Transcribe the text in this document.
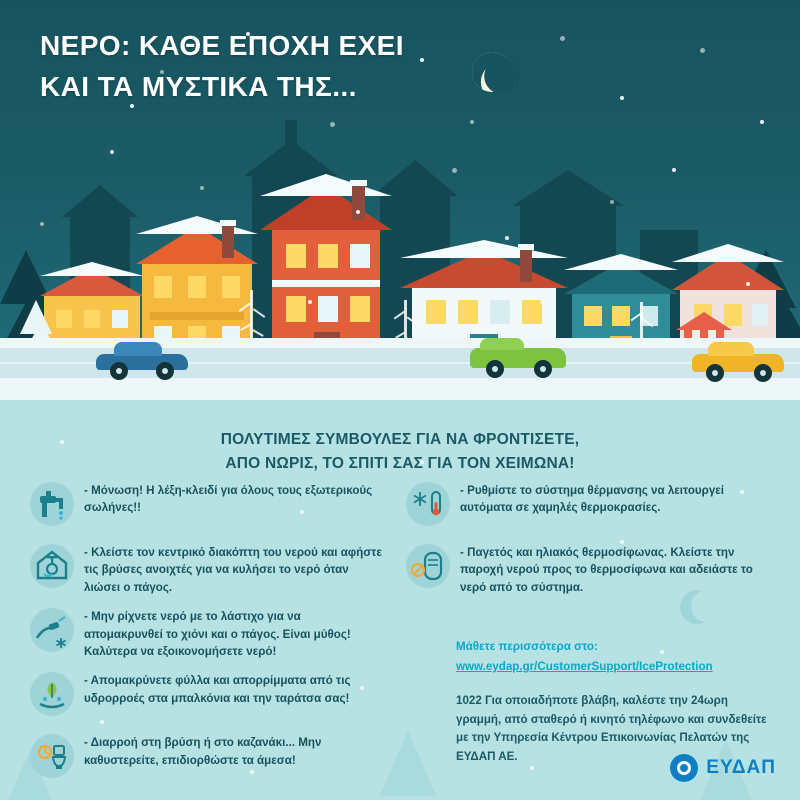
ΝΕΡΟ: ΚΑΘΕ ΕΠΟΧΗ ΕΧΕΙ
ΚΑΙ ΤΑ ΜΥΣΤΙΚΑ ΤΗΣ...
ΠΟΛΥΤΙΜΕΣ ΣΥΜΒΟΥΛΕΣ ΓΙΑ ΝΑ ΦΡΟΝΤΙΣΕΤΕ,
ΑΠΟ ΝΩΡΙΣ, ΤΟ ΣΠΙΤΙ ΣΑΣ ΓΙΑ ΤΟΝ ΧΕΙΜΩΝΑ!
- Μόνωση! Η λέξη-κλειδί για όλους τους εξωτερικούς σωλήνες!!
- Κλείστε τον κεντρικό διακόπτη του νερού και αφήστε τις βρύσες ανοιχτές για να κυλήσει το νερό όταν λιώσει ο πάγος.
- Μην ρίχνετε νερό με το λάστιχο για να απομακρυνθεί το χιόνι και ο πάγος. Είναι μύθος! Καλύτερα να εξοικονομήσετε νερό!
- Απομακρύνετε φύλλα και απορρίμματα από τις υδρορροές στα μπαλκόνια και την ταράτσα σας!
- Διαρροή στη βρύση ή στο καζανάκι... Μην καθυστερείτε, επιδιορθώστε τα άμεσα!
- Ρυθμίστε το σύστημα θέρμανσης να λειτουργεί αυτόματα σε χαμηλές θερμοκρασίες.
- Παγετός και ηλιακός θερμοσίφωνας. Κλείστε την παροχή νερού προς το θερμοσίφωνα και αδειάστε το νερό από το σύστημα.
Μάθετε περισσότερα στο:
www.eydap.gr/CustomerSupport/IceProtection
1022 Για οποιαδήποτε βλάβη, καλέστε την 24ωρη γραμμή, από σταθερό ή κινητό τηλέφωνο και συνδεθείτε με την Υπηρεσία Κέντρου Επικοινωνίας Πελατών της ΕΥΔΑΠ ΑΕ.
ΕΥΔΑΠ
